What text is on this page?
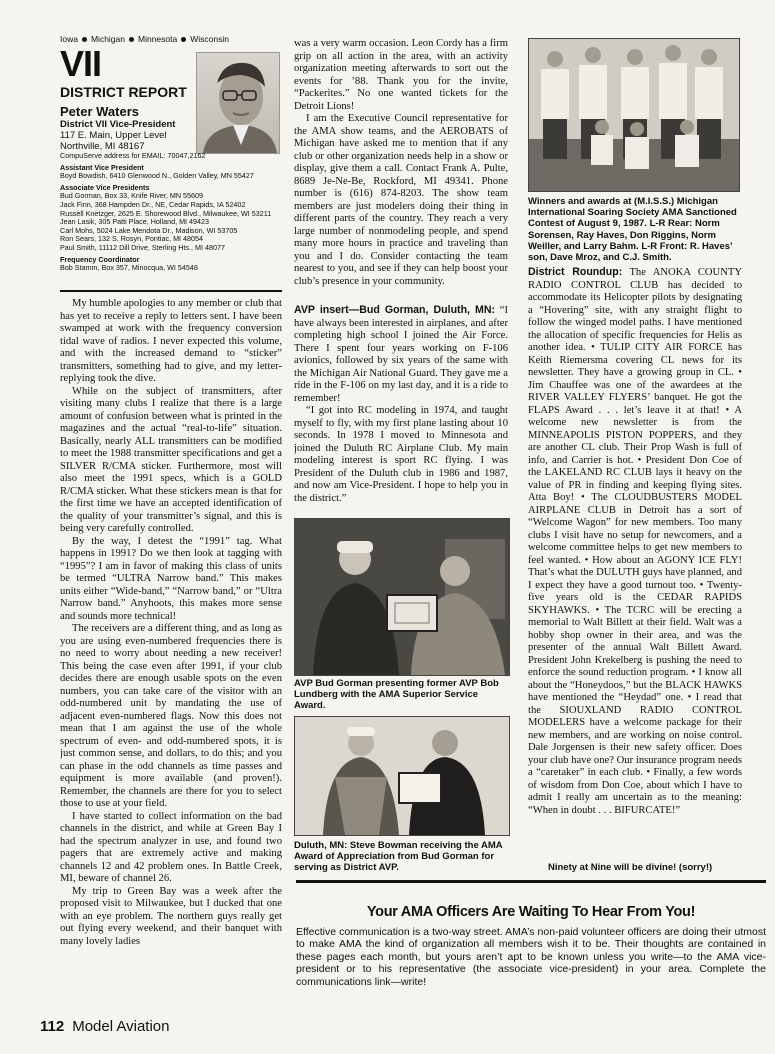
Iowa Michigan Minnesota Wisconsin
VII
DISTRICT REPORT
Peter Waters
District VII Vice-President
117 E. Main, Upper Level
Northville, MI 48167
CompuServe address for EMAIL: 70047,2162
Assistant Vice President
Boyd Bowdish, 6410 Glenwood N., Golden Valley, MN 55427
Associate Vice Presidents
Bud Gorman, Box 33, Knife River, MN 55609
Jack Finn, 368 Hampden Dr., NE, Cedar Rapids, IA 52402
Russell Knetzger, 2625 E. Shorewood Blvd., Milwaukee, WI 53211
Jean Lasik, 305 Patti Place, Holland, MI 49423
Carl Mohs, 5024 Lake Mendota Dr., Madison, WI 53705
Ron Sears, 132 S. Rosyn, Pontiac, MI 48054
Paul Smith, 11112 Dill Drive, Sterling Hts., MI 48077
Frequency Coordinator
Bob Stamm, Box 357, Minocqua, WI 54548

My humble apologies to any member or club that has yet to receive a reply to letters sent. I have been swamped at work with the frequency conversion tidal wave of radios. I never expected this volume, and with the increased demand to “sticker” transmitters, something had to give, and my letter-replying took the dive.

While on the subject of transmitters, after visiting many clubs I realize that there is a large amount of confusion between what is printed in the magazines and the actual “real-to-life” situation. Basically, nearly ALL transmitters can be modified to meet the 1988 transmitter specifications and get a SILVER R/CMA sticker. Furthermore, most will also meet the 1991 specs, which is a GOLD R/CMA sticker. What these stickers mean is that for the first time we have an accepted identification of the quality of your transmitter’s signal, and this is being very carefully controlled.

By the way, I detest the “1991” tag. What happens in 1991? Do we then look at tagging with “1995”? I am in favor of making this class of units be termed “ULTRA Narrow band.” This makes units either “Wide-band,” “Narrow band,” or “Ultra Narrow band.” Anyhoots, this makes more sense and sounds more technical!

The receivers are a different thing, and as long as you are using even-numbered frequencies there is no need to worry about needing a new receiver! This being the case even after 1991, if your club decides there are enough usable spots on the even numbers, you can take care of the visitor with an odd-numbered unit by mandating the use of adjacent even-numbered flags. Now this does not mean that I am against the use of the whole spectrum of even- and odd-numbered spots, it is just common sense, and dollars, to do this; and you can phase in the odd channels as time passes and equipment is more available (and proven!). Remember, the channels are there for you to select those to use at your field.

I have started to collect information on the bad channels in the district, and while at Green Bay I had the spectrum analyzer in use, and found two pagers that are extremely active and making channels 12 and 42 problem ones. In Battle Creek, MI, beware of channel 26.

My trip to Green Bay was a week after the proposed visit to Milwaukee, but I ducked that one with an eye problem. The northern guys really get out flying every weekend, and their banquet with many lovely ladies

was a very warm occasion. Leon Cordy has a firm grip on all action in the area, with an activity organization meeting afterwards to sort out the events for ’88. Thank you for the invite, “Packerites.” No one wanted tickets for the Detroit Lions!

I am the Executive Council representative for the AMA show teams, and the AEROBATS of Michigan have asked me to mention that if any club or other organization needs help in a show or display, give them a call. Contact Frank A. Pulte, 8689 Je-Ne-Be, Rockford, MI 49341. Phone number is (616) 874-8203. The show team members are just modelers doing their thing in different parts of the country. They reach a very large number of nonmodeling people, and spend many more hours in practice and traveling than you and I do. Consider contacting the team nearest to you, and see if they can help boost your club’s presence in your community.

AVP insert—Bud Gorman, Duluth, MN: “I have always been interested in airplanes, and after completing high school I joined the Air Force. There I spent four years working on F-106 avionics, followed by six years of the same with the Michigan Air National Guard. They gave me a ride in the F-106 on my last day, and it is a ride to remember!

“I got into RC modeling in 1974, and taught myself to fly, with my first plane lasting about 10 seconds. In 1978 I moved to Minnesota and joined the Duluth RC Airplane Club. My main modeling interest is sport RC flying. I was President of the Duluth club in 1986 and 1987, and now am Vice-President. I hope to help you in the district.”

AVP Bud Gorman presenting former AVP Bob Lundberg with the AMA Superior Service Award.
Duluth, MN: Steve Bowman receiving the AMA Award of Appreciation from Bud Gorman for serving as District AVP.
Winners and awards at (M.I.S.S.) Michigan International Soaring Society AMA Sanctioned Contest of August 9, 1987. L-R Rear: Norm Sorensen, Ray Haves, Don Riggins, Norm Weiller, and Larry Bahm. L-R Front: R. Haves’ son, Dave Mroz, and C.J. Smith.

District Roundup: The ANOKA COUNTY RADIO CONTROL CLUB has decided to accommodate its Helicopter pilots by designating a “Hovering” site, with any straight flight to follow the winged model paths. I have mentioned the allocation of specific frequencies for Helis as another idea. • TULIP CITY AIR FORCE has Keith Riemersma covering CL news for its newsletter. They have a growing group in CL. • Jim Chauffee was one of the awardees at the RIVER VALLEY FLYERS’ banquet. He got the FLAPS Award . . . let’s leave it at that! • A welcome new newsletter is from the MINNEAPOLIS PISTON POPPERS, and they are another CL club. Their Prop Wash is full of info, and Carrier is hot. • President Don Coe of the LAKELAND RC CLUB lays it heavy on the value of PR in finding and keeping flying sites. Atta Boy! • The CLOUDBUSTERS MODEL AIRPLANE CLUB in Detroit has a sort of “Welcome Wagon” for new members. Too many clubs I visit have no setup for newcomers, and a welcome committee helps to get new members to feel wanted. • How about an AGONY ICE FLY! That’s what the DULUTH guys have planned, and I expect they have a good turnout too. • Twenty-five years old is the CEDAR RAPIDS SKYHAWKS. • The TCRC will be erecting a memorial to Walt Billett at their field. Walt was a hobby shop owner in their area, and was the presenter of the annual Walt Billett Award. President John Krekelberg is pushing the need to enforce the sound reduction program. • I know all about the “Honeydoos,” but the BLACK HAWKS have mentioned the “Heydad” one. • I read that the SIOUXLAND RADIO CONTROL MODELERS have a welcome package for their new members, and are working on noise control. Dale Jorgensen is their new safety officer. Does your club have one? Our insurance program needs a “caretaker” in each club. • Finally, a few words of wisdom from Don Coe, about which I have to admit I really am uncertain as to the meaning: “When in doubt . . . BIFURCATE!”

Ninety at Nine will be divine! (sorry!)
Your AMA Officers Are Waiting To Hear From You!
Effective communication is a two-way street. AMA’s non-paid volunteer officers are doing their utmost to make AMA the kind of organization all members wish it to be. Their thoughts are contained in these pages each month, but yours aren’t apt to be known unless you write—to the AMA vice-president or to his representative (the associate vice-president) in your area. Complete the communications link—write!
112 Model Aviation
